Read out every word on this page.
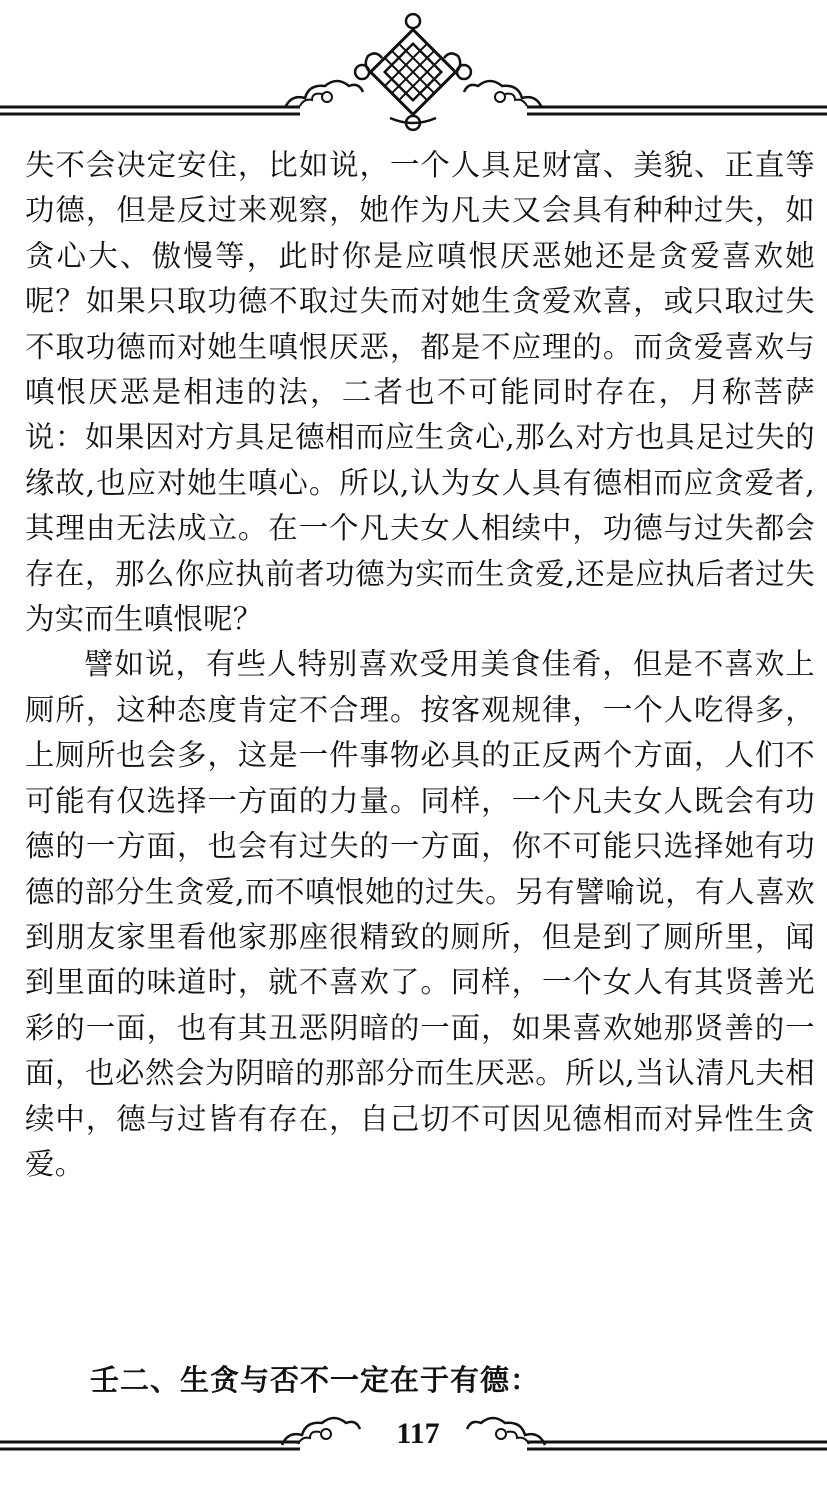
失不会决定安住，比如说，一个人具足财富、美貌、正直等功德，但是反过来观察，她作为凡夫又会具有种种过失，如贪心大、傲慢等，此时你是应嗔恨厌恶她还是贪爱喜欢她呢？如果只取功德不取过失而对她生贪爱欢喜，或只取过失不取功德而对她生嗔恨厌恶，都是不应理的。而贪爱喜欢与嗔恨厌恶是相违的法，二者也不可能同时存在，月称菩萨说：如果因对方具足德相而应生贪心,那么对方也具足过失的缘故,也应对她生嗔心。所以,认为女人具有德相而应贪爱者,其理由无法成立。在一个凡夫女人相续中，功德与过失都会存在，那么你应执前者功德为实而生贪爱,还是应执后者过失为实而生嗔恨呢？

譬如说，有些人特别喜欢受用美食佳肴，但是不喜欢上厕所，这种态度肯定不合理。按客观规律，一个人吃得多，上厕所也会多，这是一件事物必具的正反两个方面，人们不可能有仅选择一方面的力量。同样，一个凡夫女人既会有功德的一方面，也会有过失的一方面，你不可能只选择她有功德的部分生贪爱,而不嗔恨她的过失。另有譬喻说，有人喜欢到朋友家里看他家那座很精致的厕所，但是到了厕所里，闻到里面的味道时，就不喜欢了。同样，一个女人有其贤善光彩的一面，也有其丑恶阴暗的一面，如果喜欢她那贤善的一面，也必然会为阴暗的那部分而生厌恶。所以,当认清凡夫相续中，德与过皆有存在，自己切不可因见德相而对异性生贪爱。

壬二、生贪与否不一定在于有德：
117
